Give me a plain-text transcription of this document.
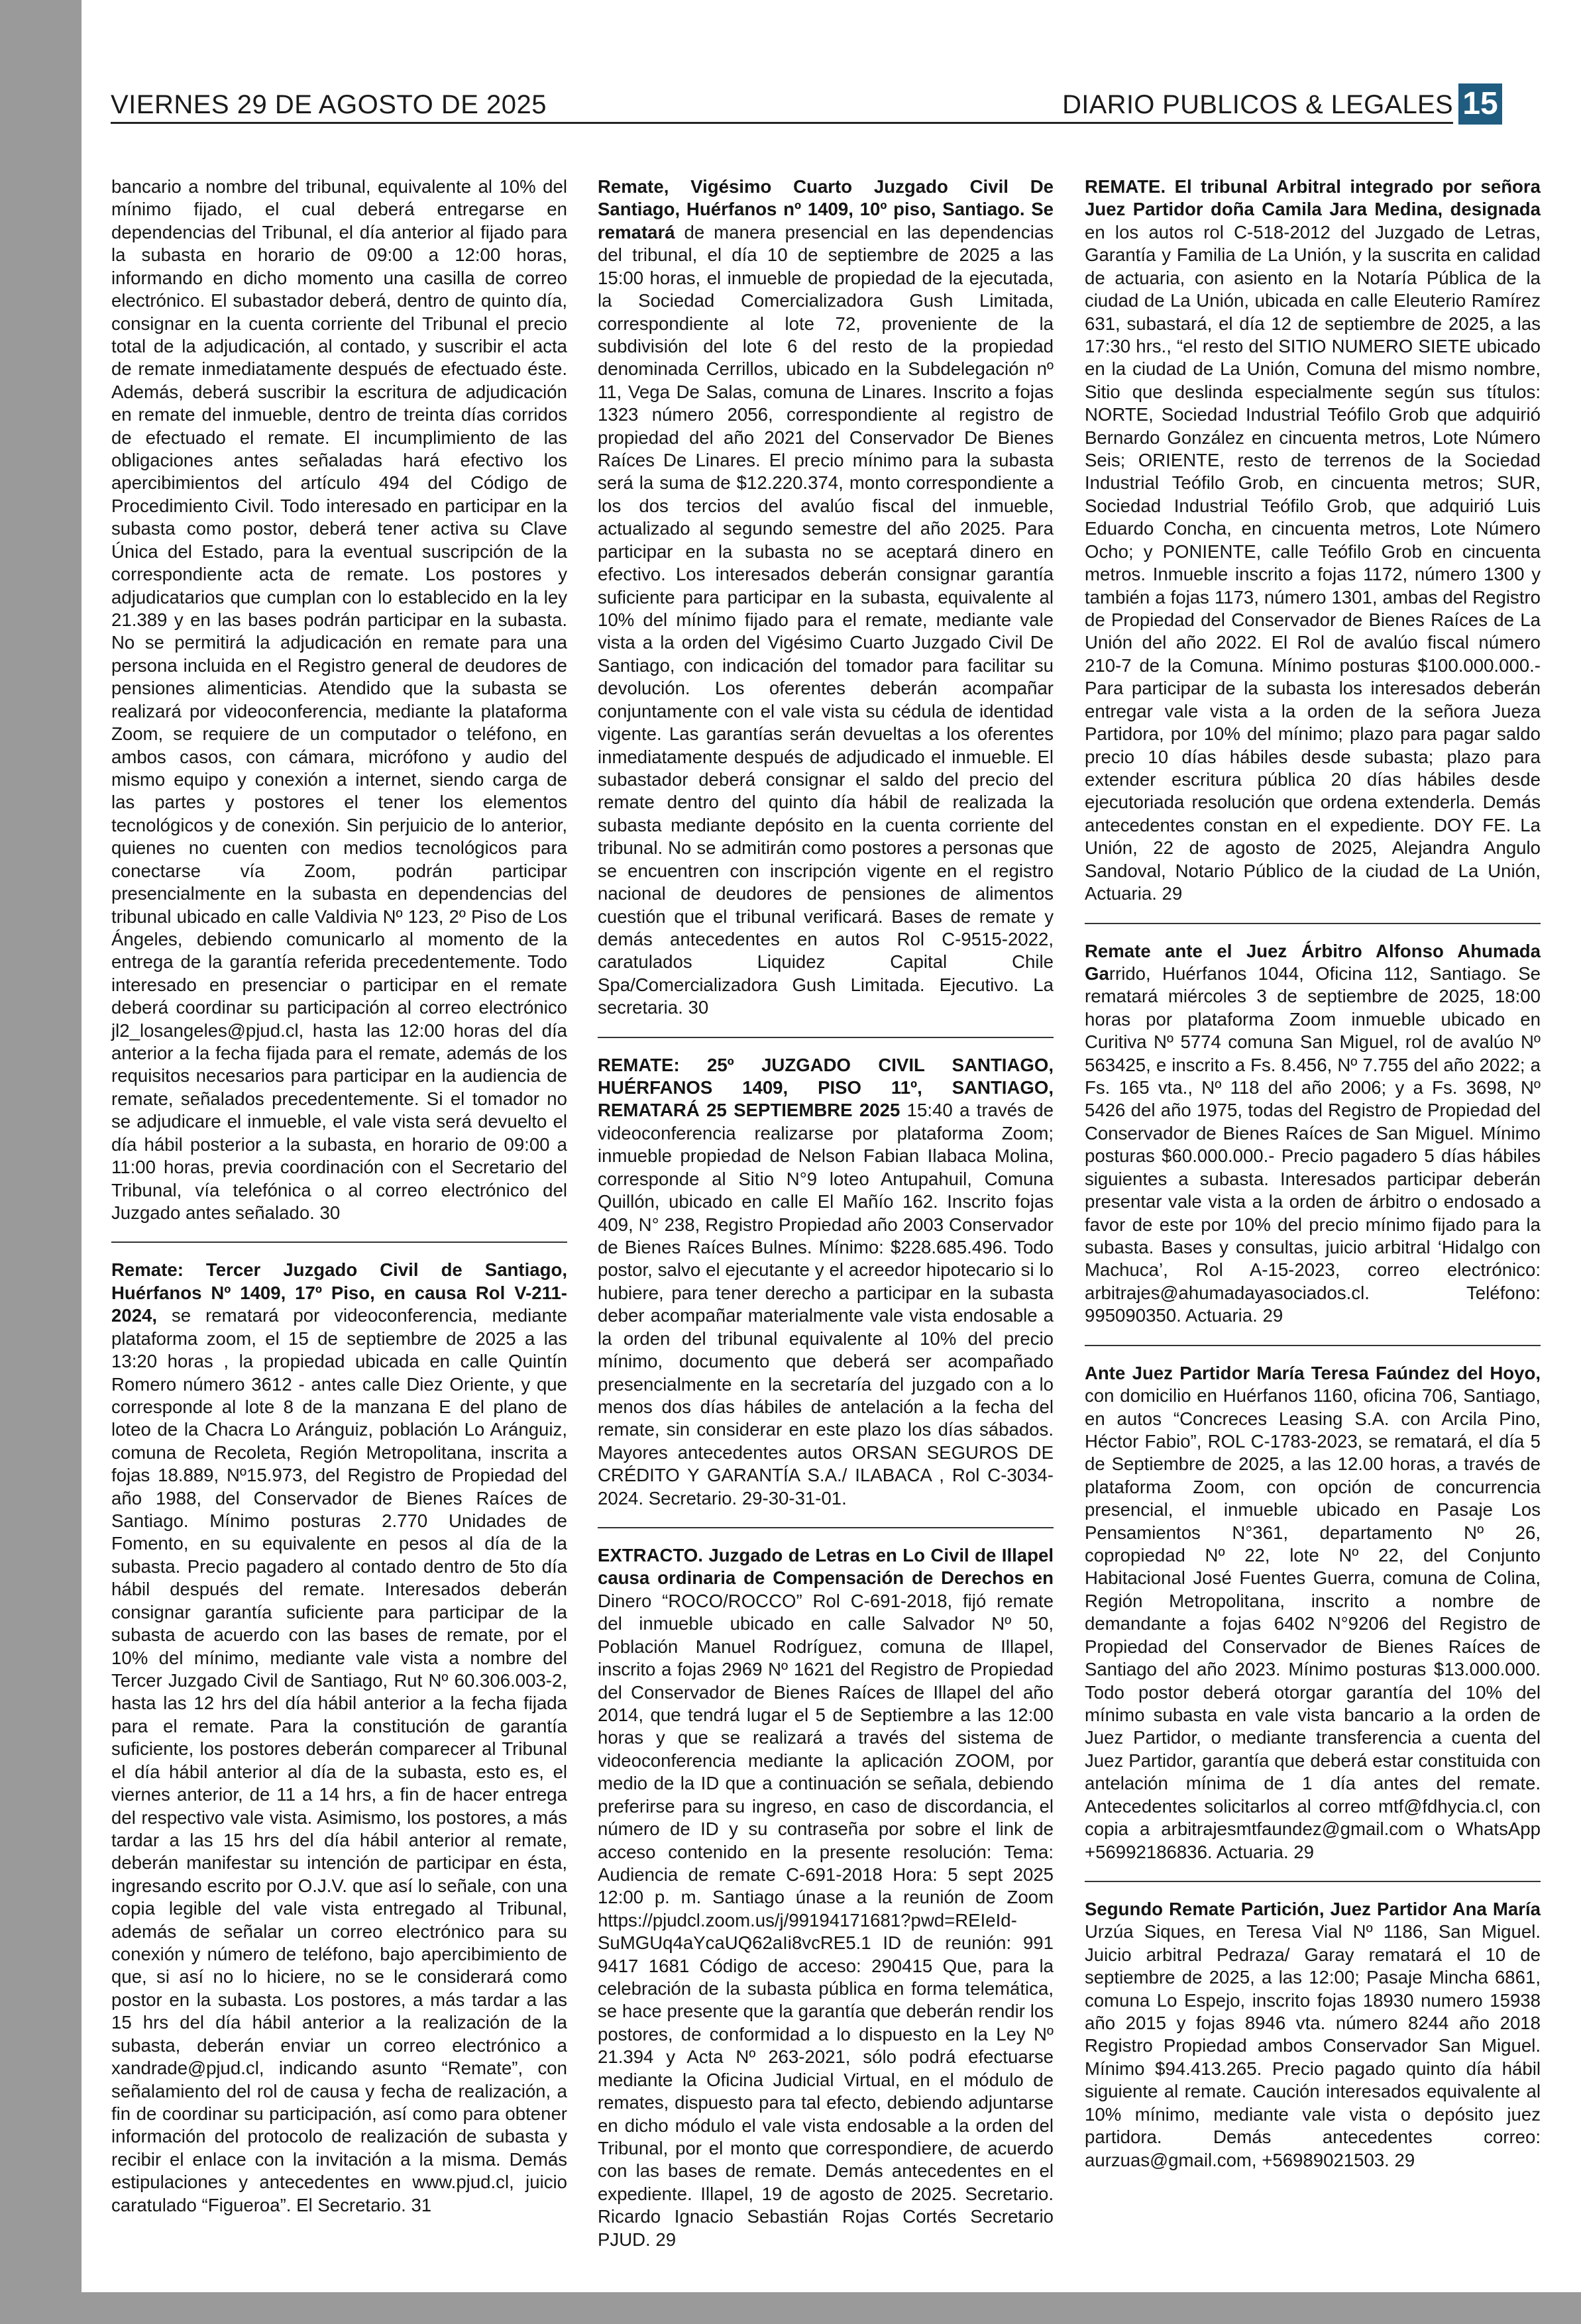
VIERNES 29 DE AGOSTO DE 2025	DIARIO PUBLICOS & LEGALES 15

bancario a nombre del tribunal, equivalente al 10% del mínimo fijado, el cual deberá entregarse en dependencias del Tribunal, el día anterior al fijado para la subasta en horario de 09:00 a 12:00 horas, informando en dicho momento una casilla de correo electrónico. El subastador deberá, dentro de quinto día, consignar en la cuenta corriente del Tribunal el precio total de la adjudicación, al contado, y suscribir el acta de remate inmediatamente después de efectuado éste. Además, deberá suscribir la escritura de adjudicación en remate del inmueble, dentro de treinta días corridos de efectuado el remate. El incumplimiento de las obligaciones antes señaladas hará efectivo los apercibimientos del artículo 494 del Código de Procedimiento Civil. Todo interesado en participar en la subasta como postor, deberá tener activa su Clave Única del Estado, para la eventual suscripción de la correspondiente acta de remate. Los postores y adjudicatarios que cumplan con lo establecido en la ley 21.389 y en las bases podrán participar en la subasta. No se permitirá la adjudicación en remate para una persona incluida en el Registro general de deudores de pensiones alimenticias. Atendido que la subasta se realizará por videoconferencia, mediante la plataforma Zoom, se requiere de un computador o teléfono, en ambos casos, con cámara, micrófono y audio del mismo equipo y conexión a internet, siendo carga de las partes y postores el tener los elementos tecnológicos y de conexión. Sin perjuicio de lo anterior, quienes no cuenten con medios tecnológicos para conectarse vía Zoom, podrán participar presencialmente en la subasta en dependencias del tribunal ubicado en calle Valdivia Nº 123, 2º Piso de Los Ángeles, debiendo comunicarlo al momento de la entrega de la garantía referida precedentemente. Todo interesado en presenciar o participar en el remate deberá coordinar su participación al correo electrónico jl2_losangeles@pjud.cl, hasta las 12:00 horas del día anterior a la fecha fijada para el remate, además de los requisitos necesarios para participar en la audiencia de remate, señalados precedentemente. Si el tomador no se adjudicare el inmueble, el vale vista será devuelto el día hábil posterior a la subasta, en horario de 09:00 a 11:00 horas, previa coordinación con el Secretario del Tribunal, vía telefónica o al correo electrónico del Juzgado antes señalado. 30

Remate: Tercer Juzgado Civil de Santiago, Huérfanos Nº 1409, 17º Piso, en causa Rol V-211-2024, se rematará por videoconferencia, mediante plataforma zoom, el 15 de septiembre de 2025 a las 13:20 horas , la propiedad ubicada en calle Quintín Romero número 3612 - antes calle Diez Oriente, y que corresponde al lote 8 de la manzana E del plano de loteo de la Chacra Lo Aránguiz, población Lo Aránguiz, comuna de Recoleta, Región Metropolitana, inscrita a fojas 18.889, Nº15.973, del Registro de Propiedad del año 1988, del Conservador de Bienes Raíces de Santiago. Mínimo posturas 2.770 Unidades de Fomento, en su equivalente en pesos al día de la subasta. Precio pagadero al contado dentro de 5to día hábil después del remate. Interesados deberán consignar garantía suficiente para participar de la subasta de acuerdo con las bases de remate, por el 10% del mínimo, mediante vale vista a nombre del Tercer Juzgado Civil de Santiago, Rut Nº 60.306.003-2, hasta las 12 hrs del día hábil anterior a la fecha fijada para el remate. Para la constitución de garantía suficiente, los postores deberán comparecer al Tribunal el día hábil anterior al día de la subasta, esto es, el viernes anterior, de 11 a 14 hrs, a fin de hacer entrega del respectivo vale vista. Asimismo, los postores, a más tardar a las 15 hrs del día hábil anterior al remate, deberán manifestar su intención de participar en ésta, ingresando escrito por O.J.V. que así lo señale, con una copia legible del vale vista entregado al Tribunal, además de señalar un correo electrónico para su conexión y número de teléfono, bajo apercibimiento de que, si así no lo hiciere, no se le considerará como postor en la subasta. Los postores, a más tardar a las 15 hrs del día hábil anterior a la realización de la subasta, deberán enviar un correo electrónico a xandrade@pjud.cl, indicando asunto “Remate”, con señalamiento del rol de causa y fecha de realización, a fin de coordinar su participación, así como para obtener información del protocolo de realización de subasta y recibir el enlace con la invitación a la misma. Demás estipulaciones y antecedentes en www.pjud.cl, juicio caratulado “Figueroa”. El Secretario. 31

Remate, Vigésimo Cuarto Juzgado Civil De Santiago, Huérfanos nº 1409, 10º piso, Santiago. Se rematará de manera presencial en las dependencias del tribunal, el día 10 de septiembre de 2025 a las 15:00 horas, el inmueble de propiedad de la ejecutada, la Sociedad Comercializadora Gush Limitada, correspondiente al lote 72, proveniente de la subdivisión del lote 6 del resto de la propiedad denominada Cerrillos, ubicado en la Subdelegación nº 11, Vega De Salas, comuna de Linares. Inscrito a fojas 1323 número 2056, correspondiente al registro de propiedad del año 2021 del Conservador De Bienes Raíces De Linares. El precio mínimo para la subasta será la suma de $12.220.374, monto correspondiente a los dos tercios del avalúo fiscal del inmueble, actualizado al segundo semestre del año 2025. Para participar en la subasta no se aceptará dinero en efectivo. Los interesados deberán consignar garantía suficiente para participar en la subasta, equivalente al 10% del mínimo fijado para el remate, mediante vale vista a la orden del Vigésimo Cuarto Juzgado Civil De Santiago, con indicación del tomador para facilitar su devolución. Los oferentes deberán acompañar conjuntamente con el vale vista su cédula de identidad vigente. Las garantías serán devueltas a los oferentes inmediatamente después de adjudicado el inmueble. El subastador deberá consignar el saldo del precio del remate dentro del quinto día hábil de realizada la subasta mediante depósito en la cuenta corriente del tribunal. No se admitirán como postores a personas que se encuentren con inscripción vigente en el registro nacional de deudores de pensiones de alimentos cuestión que el tribunal verificará. Bases de remate y demás antecedentes en autos Rol C-9515-2022, caratulados Liquidez Capital Chile Spa/Comercializadora Gush Limitada. Ejecutivo. La secretaria. 30

REMATE: 25º JUZGADO CIVIL SANTIAGO, HUÉRFANOS 1409, PISO 11º, SANTIAGO, REMATARÁ 25 SEPTIEMBRE 2025 15:40 a través de videoconferencia realizarse por plataforma Zoom; inmueble propiedad de Nelson Fabian Ilabaca Molina, corresponde al Sitio N°9 loteo Antupahuil, Comuna Quillón, ubicado en calle El Mañío 162. Inscrito fojas 409, N° 238, Registro Propiedad año 2003 Conservador de Bienes Raíces Bulnes. Mínimo: $228.685.496. Todo postor, salvo el ejecutante y el acreedor hipotecario si lo hubiere, para tener derecho a participar en la subasta deber acompañar materialmente vale vista endosable a la orden del tribunal equivalente al 10% del precio mínimo, documento que deberá ser acompañado presencialmente en la secretaría del juzgado con a lo menos dos días hábiles de antelación a la fecha del remate, sin considerar en este plazo los días sábados. Mayores antecedentes autos ORSAN SEGUROS DE CRÉDITO Y GARANTÍA S.A./ ILABACA , Rol C-3034-2024. Secretario. 29-30-31-01.

EXTRACTO. Juzgado de Letras en Lo Civil de Illapel causa ordinaria de Compensación de Derechos en Dinero “ROCO/ROCCO” Rol C-691-2018, fijó remate del inmueble ubicado en calle Salvador Nº 50, Población Manuel Rodríguez, comuna de Illapel, inscrito a fojas 2969 Nº 1621 del Registro de Propiedad del Conservador de Bienes Raíces de Illapel del año 2014, que tendrá lugar el 5 de Septiembre a las 12:00 horas y que se realizará a través del sistema de videoconferencia mediante la aplicación ZOOM, por medio de la ID que a continuación se señala, debiendo preferirse para su ingreso, en caso de discordancia, el número de ID y su contraseña por sobre el link de acceso contenido en la presente resolución: Tema: Audiencia de remate C-691-2018 Hora: 5 sept 2025 12:00 p. m. Santiago únase a la reunión de Zoom https://pjudcl.zoom.us/j/99194171681?pwd=REIeId-SuMGUq4aYcaUQ62aIi8vcRE5.1 ID de reunión: 991 9417 1681 Código de acceso: 290415 Que, para la celebración de la subasta pública en forma telemática, se hace presente que la garantía que deberán rendir los postores, de conformidad a lo dispuesto en la Ley Nº 21.394 y Acta Nº 263-2021, sólo podrá efectuarse mediante la Oficina Judicial Virtual, en el módulo de remates, dispuesto para tal efecto, debiendo adjuntarse en dicho módulo el vale vista endosable a la orden del Tribunal, por el monto que correspondiere, de acuerdo con las bases de remate. Demás antecedentes en el expediente. Illapel, 19 de agosto de 2025. Secretario. Ricardo Ignacio Sebastián Rojas Cortés Secretario PJUD. 29

REMATE. El tribunal Arbitral integrado por señora Juez Partidor doña Camila Jara Medina, designada en los autos rol C-518-2012 del Juzgado de Letras, Garantía y Familia de La Unión, y la suscrita en calidad de actuaria, con asiento en la Notaría Pública de la ciudad de La Unión, ubicada en calle Eleuterio Ramírez 631, subastará, el día 12 de septiembre de 2025, a las 17:30 hrs., “el resto del SITIO NUMERO SIETE ubicado en la ciudad de La Unión, Comuna del mismo nombre, Sitio que deslinda especialmente según sus títulos: NORTE, Sociedad Industrial Teófilo Grob que adquirió Bernardo González en cincuenta metros, Lote Número Seis; ORIENTE, resto de terrenos de la Sociedad Industrial Teófilo Grob, en cincuenta metros; SUR, Sociedad Industrial Teófilo Grob, que adquirió Luis Eduardo Concha, en cincuenta metros, Lote Número Ocho; y PONIENTE, calle Teófilo Grob en cincuenta metros. Inmueble inscrito a fojas 1172, número 1300 y también a fojas 1173, número 1301, ambas del Registro de Propiedad del Conservador de Bienes Raíces de La Unión del año 2022. El Rol de avalúo fiscal número 210-7 de la Comuna. Mínimo posturas $100.000.000.- Para participar de la subasta los interesados deberán entregar vale vista a la orden de la señora Jueza Partidora, por 10% del mínimo; plazo para pagar saldo precio 10 días hábiles desde subasta; plazo para extender escritura pública 20 días hábiles desde ejecutoriada resolución que ordena extenderla. Demás antecedentes constan en el expediente. DOY FE. La Unión, 22 de agosto de 2025, Alejandra Angulo Sandoval, Notario Público de la ciudad de La Unión, Actuaria. 29

Remate ante el Juez Árbitro Alfonso Ahumada Garrido, Huérfanos 1044, Oficina 112, Santiago. Se rematará miércoles 3 de septiembre de 2025, 18:00 horas por plataforma Zoom inmueble ubicado en Curitiva Nº 5774 comuna San Miguel, rol de avalúo Nº 563425, e inscrito a Fs. 8.456, Nº 7.755 del año 2022; a Fs. 165 vta., Nº 118 del año 2006; y a Fs. 3698, Nº 5426 del año 1975, todas del Registro de Propiedad del Conservador de Bienes Raíces de San Miguel. Mínimo posturas $60.000.000.- Precio pagadero 5 días hábiles siguientes a subasta. Interesados participar deberán presentar vale vista a la orden de árbitro o endosado a favor de este por 10% del precio mínimo fijado para la subasta. Bases y consultas, juicio arbitral ‘Hidalgo con Machuca’, Rol A-15-2023, correo electrónico: arbitrajes@ahumadayasociados.cl. Teléfono: 995090350. Actuaria. 29

Ante Juez Partidor María Teresa Faúndez del Hoyo, con domicilio en Huérfanos 1160, oficina 706, Santiago, en autos “Concreces Leasing S.A. con Arcila Pino, Héctor Fabio”, ROL C-1783-2023, se rematará, el día 5 de Septiembre de 2025, a las 12.00 horas, a través de plataforma Zoom, con opción de concurrencia presencial, el inmueble ubicado en Pasaje Los Pensamientos N°361, departamento Nº 26, copropiedad Nº 22, lote Nº 22, del Conjunto Habitacional José Fuentes Guerra, comuna de Colina, Región Metropolitana, inscrito a nombre de demandante a fojas 6402 N°9206 del Registro de Propiedad del Conservador de Bienes Raíces de Santiago del año 2023. Mínimo posturas $13.000.000. Todo postor deberá otorgar garantía del 10% del mínimo subasta en vale vista bancario a la orden de Juez Partidor, o mediante transferencia a cuenta del Juez Partidor, garantía que deberá estar constituida con antelación mínima de 1 día antes del remate. Antecedentes solicitarlos al correo mtf@fdhycia.cl, con copia a arbitrajesmtfaundez@gmail.com o WhatsApp +56992186836. Actuaria. 29

Segundo Remate Partición, Juez Partidor Ana María Urzúa Siques, en Teresa Vial Nº 1186, San Miguel. Juicio arbitral Pedraza/ Garay rematará el 10 de septiembre de 2025, a las 12:00; Pasaje Mincha 6861, comuna Lo Espejo, inscrito fojas 18930 numero 15938 año 2015 y fojas 8946 vta. número 8244 año 2018 Registro Propiedad ambos Conservador San Miguel. Mínimo $94.413.265. Precio pagado quinto día hábil siguiente al remate. Caución interesados equivalente al 10% mínimo, mediante vale vista o depósito juez partidora. Demás antecedentes correo: aurzuas@gmail.com, +56989021503. 29
